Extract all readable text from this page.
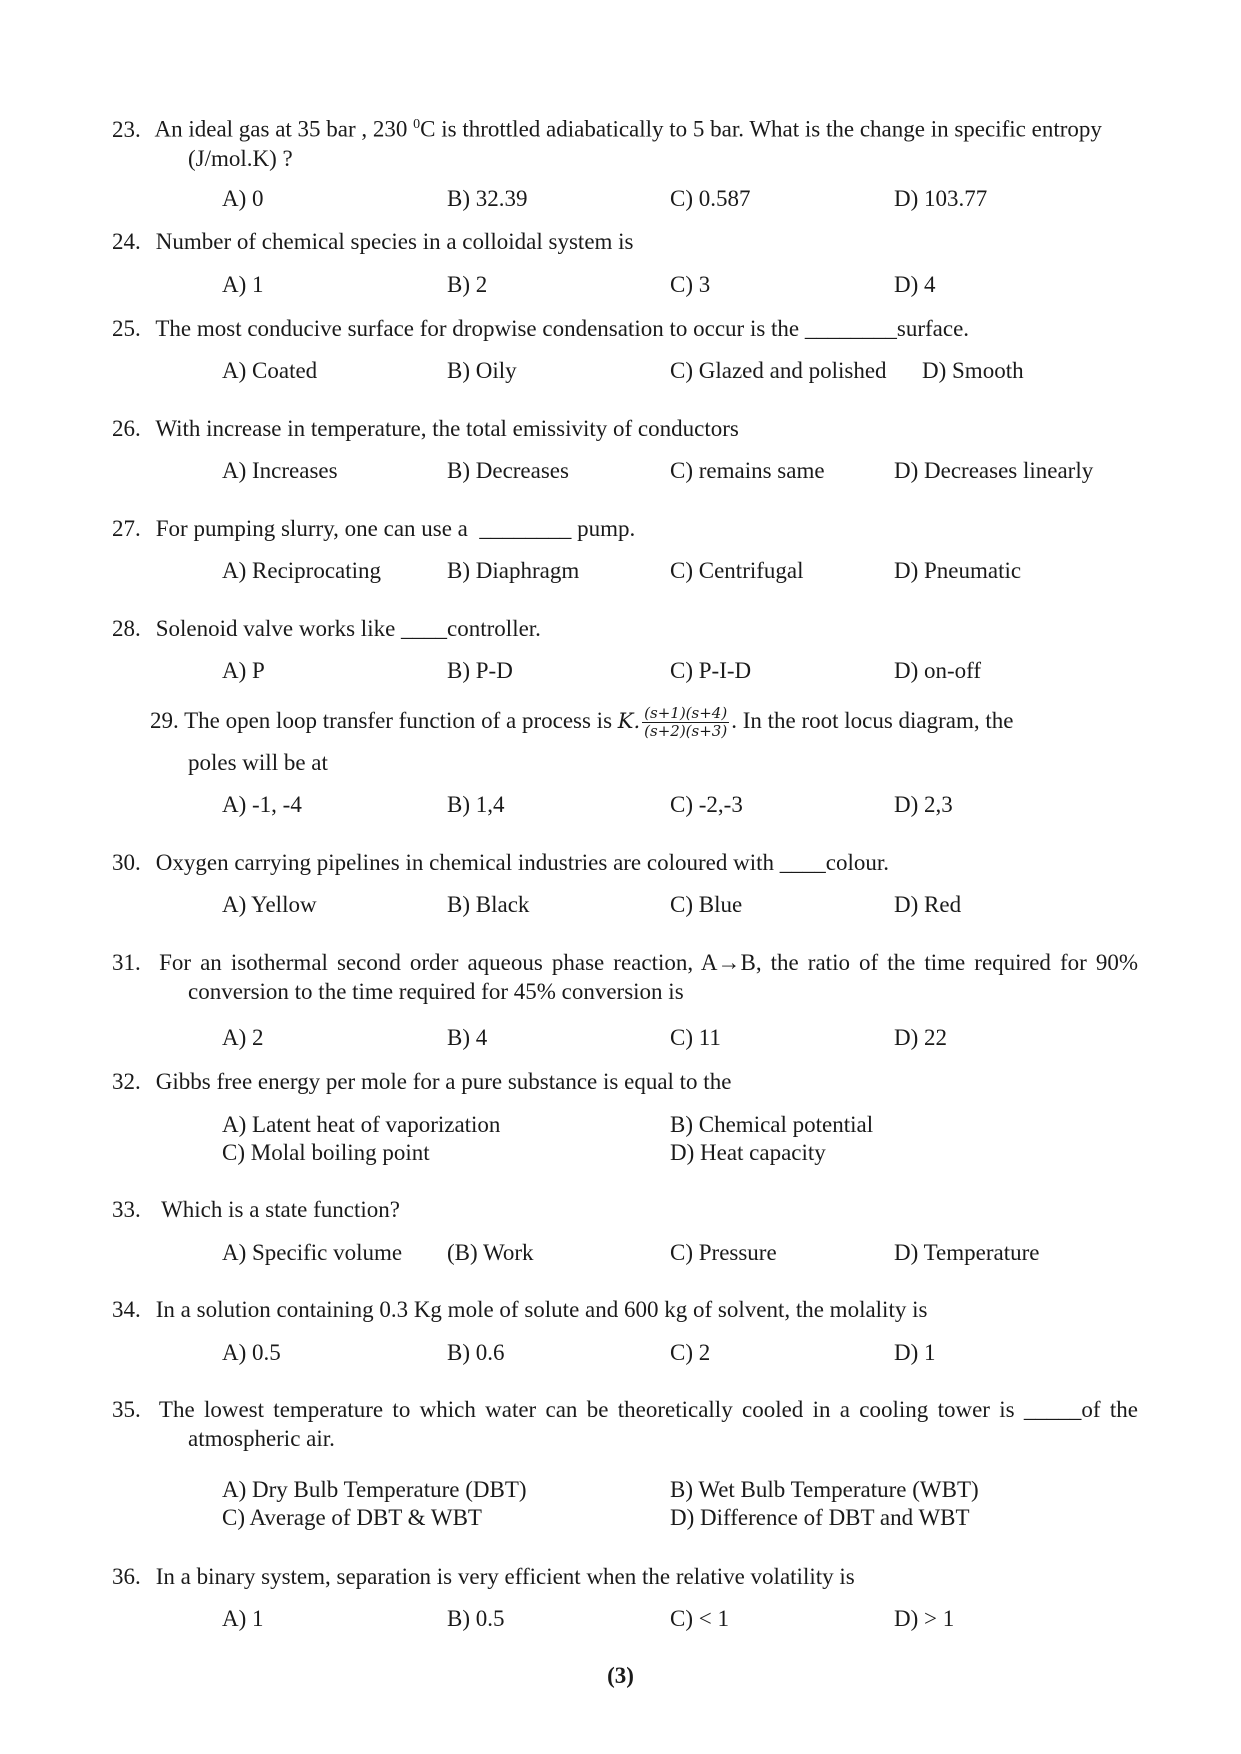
23. An ideal gas at 35 bar , 230 $^0$C is throttled adiabatically to 5 bar. What is the change in specific entropy (J/mol.K) ?
A) 0	B) 32.39	C) 0.587	D) 103.77
24. Number of chemical species in a colloidal system is
A) 1	B) 2	C) 3	D) 4
25. The most conducive surface for dropwise condensation to occur is the ________surface.
A) Coated	B) Oily	C) Glazed and polished D) Smooth
26. With increase in temperature, the total emissivity of conductors
A) Increases	B) Decreases	C) remains same	D) Decreases linearly
27. For pumping slurry, one can use a  ________ pump.
A) Reciprocating	B) Diaphragm	C) Centrifugal	D) Pneumatic
28. Solenoid valve works like ____controller.
A) P	B) P-D	C) P-I-D	D) on-off
29. The open loop transfer function of a process is K. $\frac{(s+1)(s+4)}{(s+2)(s+3)}$ . In the root locus diagram, the
poles will be at
A) -1, -4	B) 1,4	C) -2,-3	D) 2,3
30. Oxygen carrying pipelines in chemical industries are coloured with ____colour.
A) Yellow	B) Black	C) Blue	D) Red
31. For an isothermal second order aqueous phase reaction, A→B, the ratio of the time required for 90% conversion to the time required for 45% conversion is
A) 2	B) 4	C) 11	D) 22
32. Gibbs free energy per mole for a pure substance is equal to the
A) Latent heat of vaporization	B) Chemical potential
C) Molal boiling point	D) Heat capacity
33.  Which is a state function?
A) Specific volume (B) Work	C) Pressure	D) Temperature
34. In a solution containing 0.3 Kg mole of solute and 600 kg of solvent, the molality is
A) 0.5	B) 0.6	C) 2	D) 1
35. The lowest temperature to which water can be theoretically cooled in a cooling tower is _____of the atmospheric air.
A) Dry Bulb Temperature (DBT)	B) Wet Bulb Temperature (WBT)
C) Average of DBT & WBT	D) Difference of DBT and WBT
36. In a binary system, separation is very efficient when the relative volatility is
A) 1	B) 0.5	C) < 1	D) > 1
(3)
